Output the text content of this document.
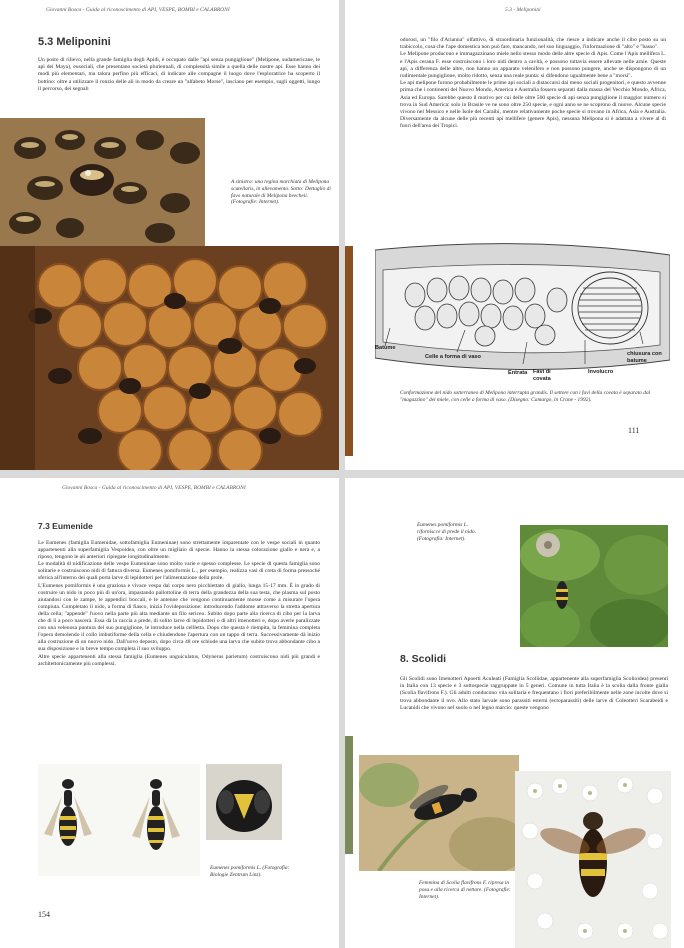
Giovanni Bosca - Guida al riconoscimento di API, VESPE, BOMBI e CALABRONI
5.3 Meliponini

Un posto di rilievo, nella grande famiglia degli Apidi, è occupato dalle "api senza pungiglione" (Melipone, sudamericane, le api dei Maya), eusociali, che presentano società pluriennali, di complessità simile a quella delle nostre api. Esse hanno dei modi più elementari, ma talora perfino più efficaci, di indicare alle compagne il luogo dove l'esploratrice ha scoperto il bottino: oltre a utilizzare il ronzio delle ali in modo da creare un "alfabeto Morse", lasciano per esempio, sugli oggetti, lungo il percorso, dei segnali

A sinistra: una regina marchiata di Melipona scutellaris, in allevamento. Sotto: Dettaglio di favo naturale di Melipona beecheii. (Fotografie: Internet).
5.3 - Meliponini

odorosi, un "filo d'Arianna" olfattivo, di straordinaria funzionalità, che riesce a indicare anche il cibo posto su un trabiccolo, cosa che l'ape domestica non può fare, mancando, nel suo linguaggio, l'informazione di "alto" e "basso".

Le Melipone producono e immagazzinano miele nello stesso modo delle altre specie di Apis. Come l'Apis mellifera L. e l'Apis cerana F. esse costruiscono i loro nidi dentro a cavità, e possono tuttavia essere allevate nelle arnie. Queste api, a differenza delle altre, non hanno un apparato velenifero e non possono pungere, anche se dispongono di un rudimentale pungiglione, molto ridotto, senza una reale punta: si difendono ugualmente bene a "morsi".

Le api melipone furono probabilmente le prime api sociali a distaccarsi dai meno sociali progenitori, e questo avvenne prima che i continenti del Nuovo Mondo, America e Australia fossero separati dalla massa del Vecchio Mondo, Africa, Asia ed Europa. Sarebbe questo il motivo per cui delle oltre 500 specie di api senza pungiglione il maggior numero si trova in Sud America: solo in Brasile ve ne sono oltre 250 specie, e ogni anno se ne scoprono di nuove. Alcune specie vivono nel Messico e nelle Isole dei Caraibi, mentre relativamente poche specie si trovano in Africa, Asia e Australia. Diversamente da alcune delle più recenti api mellifere (genere Apis), nessuna Melipona si è adattata a vivere al di fuori dell'area dei Tropici.

Batume
Celle a forma di vaso
Entrata Favi di covata
Involucro
chiusura con batume
Conformazione del nido sotterraneo di Melipona interrupta grandis. Il settore con i favi della covata è separato dal "magazzino" del miele, con celle a forma di vaso. (Disegno: Camargo, in Crane - 1992).
111
Giovanni Bosca - Guida al riconoscimento di API, VESPE, BOMBI e CALABRONI
7.3 Eumenide

Le Eumenes (famiglia Eumenidae, sottofamiglia Eumeninae) sono strettamente imparentate con le vespe sociali in quanto appartenenti alla superfamiglia Vespoidea, con oltre un migliaio di specie. Hanno la stessa colorazione giallo e nera e, a riposo, tengono le ali anteriori ripiegate longitudinalmente.

Le modalità di nidificazione delle vespe Eumeninae sono molto varie e spesso complesse. Le specie di questa famiglia sono solitarie e costruiscono nidi di fattura diversa. Eumenes pomiformis L., per esempio, realizza vasi di creta di forma pressoché sferica all'interno dei quali porta larve di lepidotteri per l'alimentazione della prole.

L'Eumenes pomiformis è una graziosa e vivace vespa dal corpo nero picchiettato di giallo, lunga 15-17 mm. È in grado di costruire un nido in poco più di un'ora, impastando pallottoline di terra della grandezza della sua testa, che plasma sul posto aiutandosi con le zampe, le appendici boccali, e le antenne che vengono continuamente mosse come a misurare l'opera compiuta. Completato il nido, a forma di fiasco, inizia l'ovideposizione: introducendo l'addome attraverso la stretta apertura della cella; "appende" l'uovo nella parte più alta mediante un filo sericeo. Subito dopo parte alla ricerca di cibo per la larva che di lì a poco nascerà. Essa dà la caccia a prede, di solito larve di lepidotteri o di altri imenotteri e, dopo averle paralizzate con una velenosa puntura del suo pungiglione, le introduce nella cellletta. Dopo che questa è riempita, la femmina completa l'opera demolendo il collo imbutiforme della cella e chiudendone l'apertura con un tappo di terra. Successivamente dà inizio alla costruzione di un nuovo nido. Dall'uovo deposto, dopo circa 48 ore schiude una larva che subito trova abbondante cibo a sua disposizione e in breve tempo completa il suo sviluppo.

Altre specie appartenenti alla stessa famiglia (Eumenes unguiculatus, Odynerus parietum) costruiscono nidi più grandi e architettonicamente più complessi.

Eumenes pomiformis L. (Fotografia: Biologie Zentrum Linz).
154
Eumenes pomiformis L. riforniscce di prede il nido. (Fotografia: Internet).
8. Scolidi

Gli Scolidi sono Imenotteri Apoerti Aculeati (Famiglia Scoliidae, appartenente alla superfamiglia Scolioidea) presenti in Italia con 13 specie e 3 sottospecie raggruppate in 5 generi. Comune in tutta Italia è la scolia dalla fronte gialla (Scolia flavifrons F.). Gli adulti conducono vita solitaria e frequentano i fiori preferibilmente nelle zone incolte dove si trova abbondante il nvo. Allo stato larvale sono parassiti esterni (ectoparassiti) delle larve di Coleotteri Scarabeidi e Lucanidi che vivono nel suolo o nel legno marcio: queste vengono

Femmina di Scolia flavifrons F. ripresa in posa e alla ricerca di nettare. (Fotografie: Internet).
